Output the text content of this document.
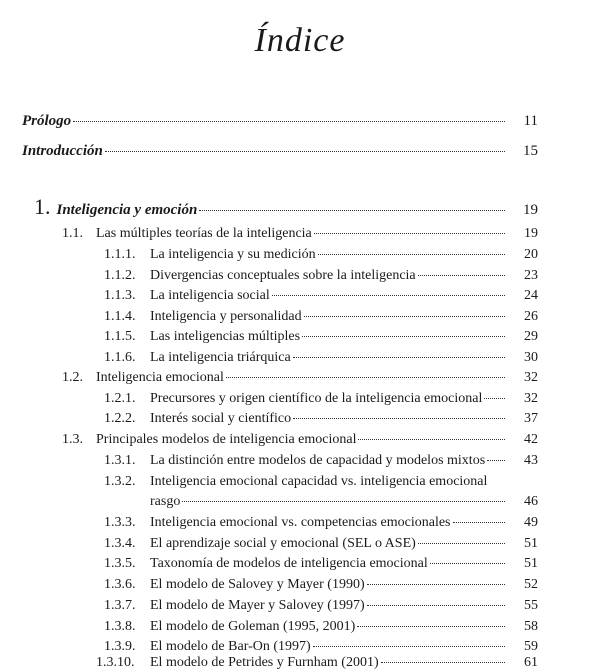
Índice
Prólogo	11
Introducción	15
1. Inteligencia y emoción	19
1.1. Las múltiples teorías de la inteligencia	19
1.1.1.	La inteligencia y su medición	20
1.1.2.	Divergencias conceptuales sobre la inteligencia	23
1.1.3.	La inteligencia social	24
1.1.4.	Inteligencia y personalidad	26
1.1.5.	Las inteligencias múltiples	29
1.1.6.	La inteligencia triárquica	30
1.2. Inteligencia emocional	32
1.2.1.	Precursores y origen científico de la inteligencia emocional	32
1.2.2.	Interés social y científico	37
1.3. Principales modelos de inteligencia emocional	42
1.3.1.	La distinción entre modelos de capacidad y modelos mixtos	43
1.3.2. Inteligencia emocional capacidad vs. inteligencia emocional
rasgo	46
1.3.3.	Inteligencia emocional vs. competencias emocionales	49
1.3.4.	El aprendizaje social y emocional (SEL o ASE)	51
1.3.5.	Taxonomía de modelos de inteligencia emocional	51
1.3.6.	El modelo de Salovey y Mayer (1990)	52
1.3.7.	El modelo de Mayer y Salovey (1997)	55
1.3.8.	El modelo de Goleman (1995, 2001)	58
1.3.9.	El modelo de Bar-On (1997)	59
1.3.10.	El modelo de Petrides y Furnham (2001)	61
